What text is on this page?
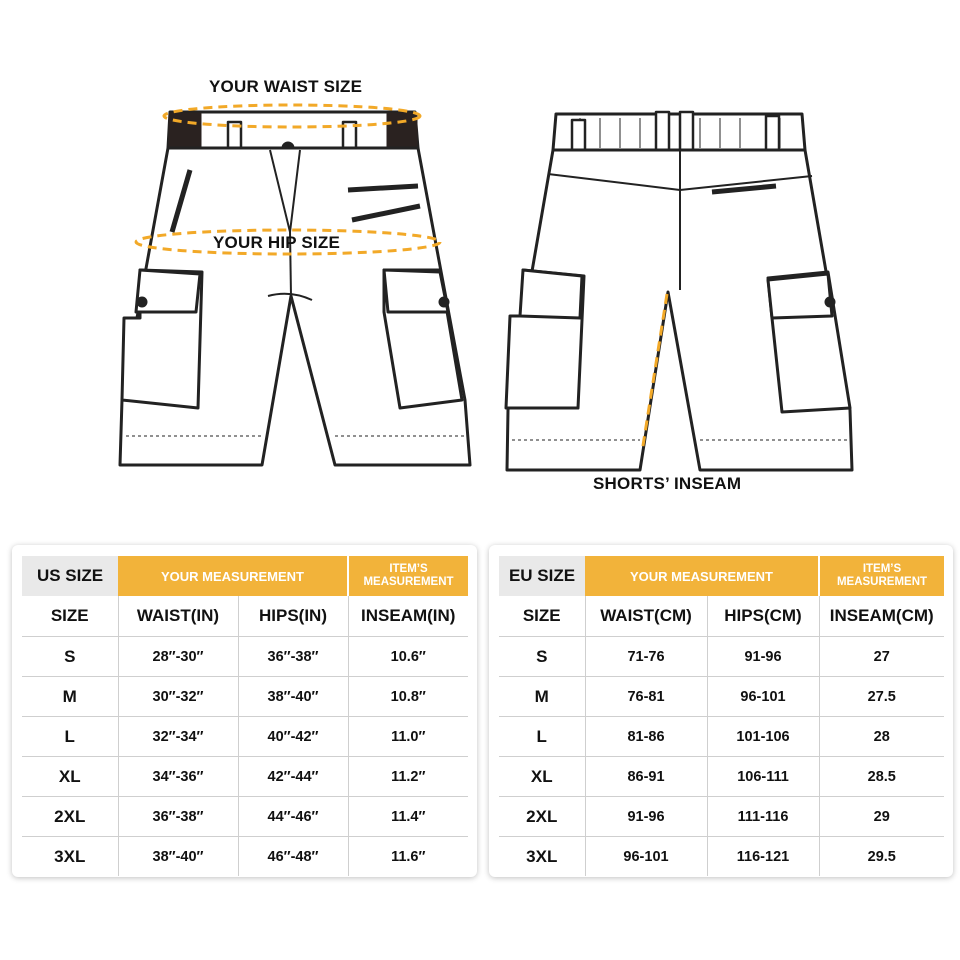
YOUR WAIST SIZE
YOUR HIP SIZE
SHORTS’ INSEAM
US SIZE	YOUR MEASUREMENT		ITEM’S
MEASUREMENT
SIZE	WAIST(IN)	HIPS(IN)	INSEAM(IN)
S	28″-30″	36″-38″	10.6″
M	30″-32″	38″-40″	10.8″
L	32″-34″	40″-42″	11.0″
XL	34″-36″	42″-44″	11.2″
2XL	36″-38″	44″-46″	11.4″
3XL	38″-40″	46″-48″	11.6″
EU SIZE	YOUR MEASUREMENT		ITEM’S
MEASUREMENT
SIZE	WAIST(CM)	HIPS(CM)	INSEAM(CM)
S	71-76	91-96	27
M	76-81	96-101	27.5
L	81-86	101-106	28
XL	86-91	106-111	28.5
2XL	91-96	111-116	29
3XL	96-101	116-121	29.5
